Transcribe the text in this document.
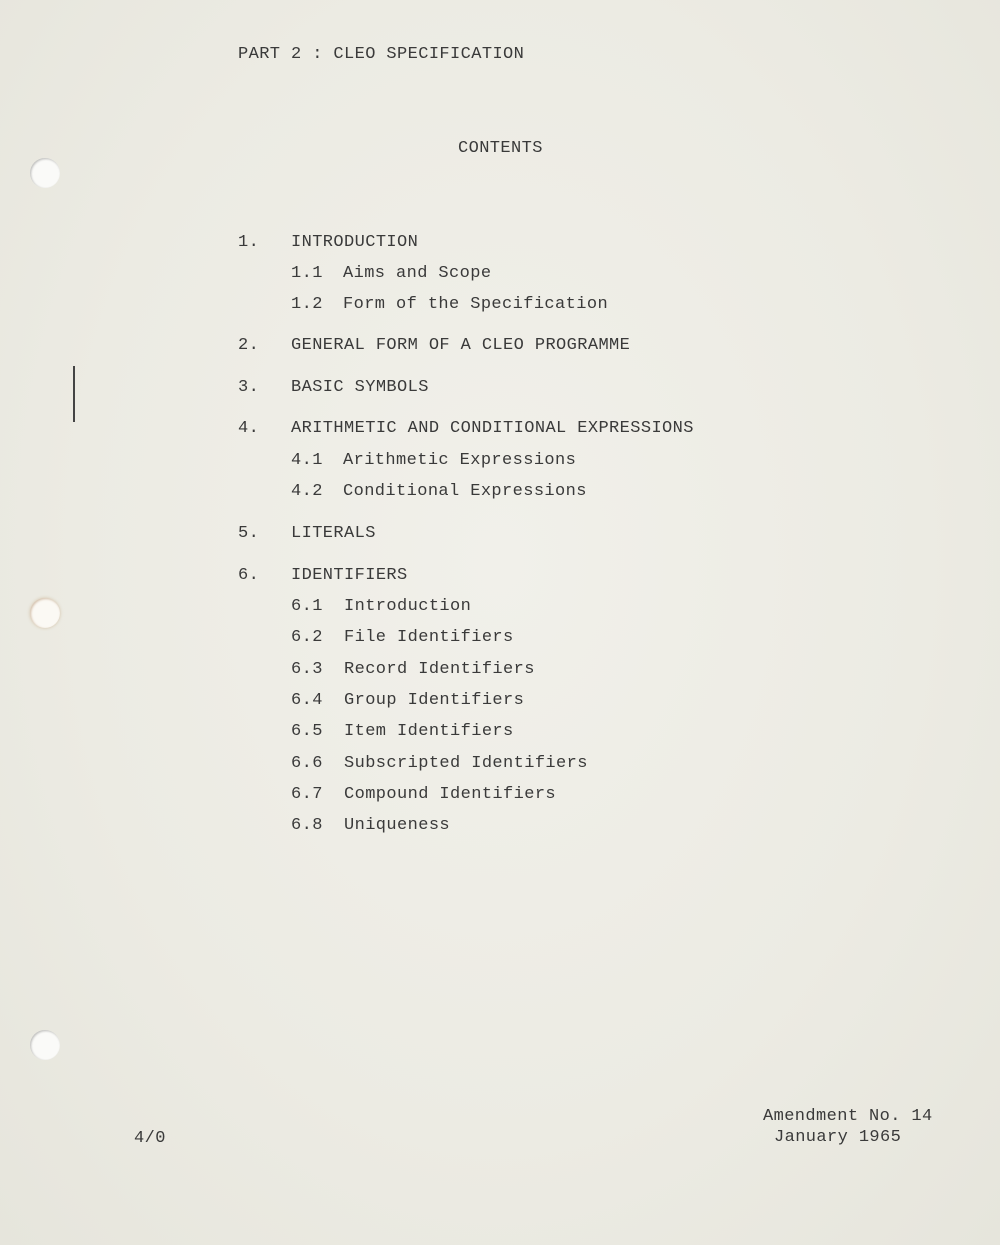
PART 2 : CLEO SPECIFICATION
CONTENTS
1. INTRODUCTION
1.1 Aims and Scope
1.2 Form of the Specification
2. GENERAL FORM OF A CLEO PROGRAMME
3. BASIC SYMBOLS
4. ARITHMETIC AND CONDITIONAL EXPRESSIONS
4.1 Arithmetic Expressions
4.2 Conditional Expressions
5. LITERALS
6. IDENTIFIERS
6.1 Introduction
6.2 File Identifiers
6.3 Record Identifiers
6.4 Group Identifiers
6.5 Item Identifiers
6.6 Subscripted Identifiers
6.7 Compound Identifiers
6.8 Uniqueness
4/0
Amendment No. 14
January 1965
